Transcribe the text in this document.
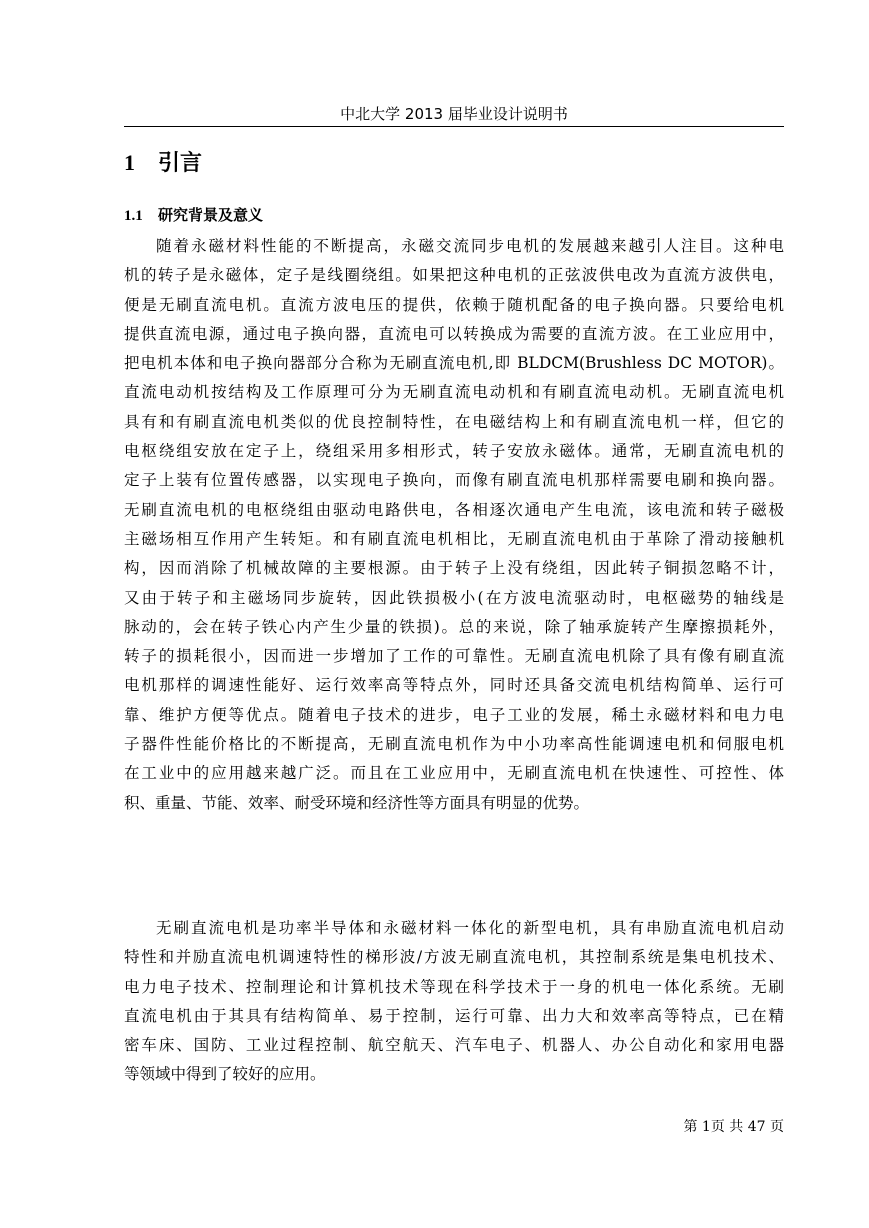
中北大学 2013 届毕业设计说明书
1 引言
1.1 研究背景及意义
随着永磁材料性能的不断提高，永磁交流同步电机的发展越来越引人注目。这种电
机的转子是永磁体，定子是线圈绕组。如果把这种电机的正弦波供电改为直流方波供电，
便是无刷直流电机。直流方波电压的提供，依赖于随机配备的电子换向器。只要给电机
提供直流电源，通过电子换向器，直流电可以转换成为需要的直流方波。在工业应用中，
把电机本体和电子换向器部分合称为无刷直流电机,即 BLDCM(Brushless DC MOTOR)。
直流电动机按结构及工作原理可分为无刷直流电动机和有刷直流电动机。无刷直流电机
具有和有刷直流电机类似的优良控制特性，在电磁结构上和有刷直流电机一样，但它的
电枢绕组安放在定子上，绕组采用多相形式，转子安放永磁体。通常，无刷直流电机的
定子上装有位置传感器，以实现电子换向，而像有刷直流电机那样需要电刷和换向器。
无刷直流电机的电枢绕组由驱动电路供电，各相逐次通电产生电流，该电流和转子磁极
主磁场相互作用产生转矩。和有刷直流电机相比，无刷直流电机由于革除了滑动接触机
构，因而消除了机械故障的主要根源。由于转子上没有绕组，因此转子铜损忽略不计，
又由于转子和主磁场同步旋转，因此铁损极小(在方波电流驱动时，电枢磁势的轴线是
脉动的，会在转子铁心内产生少量的铁损)。总的来说，除了轴承旋转产生摩擦损耗外，
转子的损耗很小，因而进一步增加了工作的可靠性。无刷直流电机除了具有像有刷直流
电机那样的调速性能好、运行效率高等特点外，同时还具备交流电机结构简单、运行可
靠、维护方便等优点。随着电子技术的进步，电子工业的发展，稀土永磁材料和电力电
子器件性能价格比的不断提高，无刷直流电机作为中小功率高性能调速电机和伺服电机
在工业中的应用越来越广泛。而且在工业应用中，无刷直流电机在快速性、可控性、体
积、重量、节能、效率、耐受环境和经济性等方面具有明显的优势。
无刷直流电机是功率半导体和永磁材料一体化的新型电机，具有串励直流电机启动
特性和并励直流电机调速特性的梯形波/方波无刷直流电机，其控制系统是集电机技术、
电力电子技术、控制理论和计算机技术等现在科学技术于一身的机电一体化系统。无刷
直流电机由于其具有结构简单、易于控制，运行可靠、出力大和效率高等特点，已在精
密车床、国防、工业过程控制、航空航天、汽车电子、机器人、办公自动化和家用电器
等领域中得到了较好的应用。
第 1页 共 47 页
